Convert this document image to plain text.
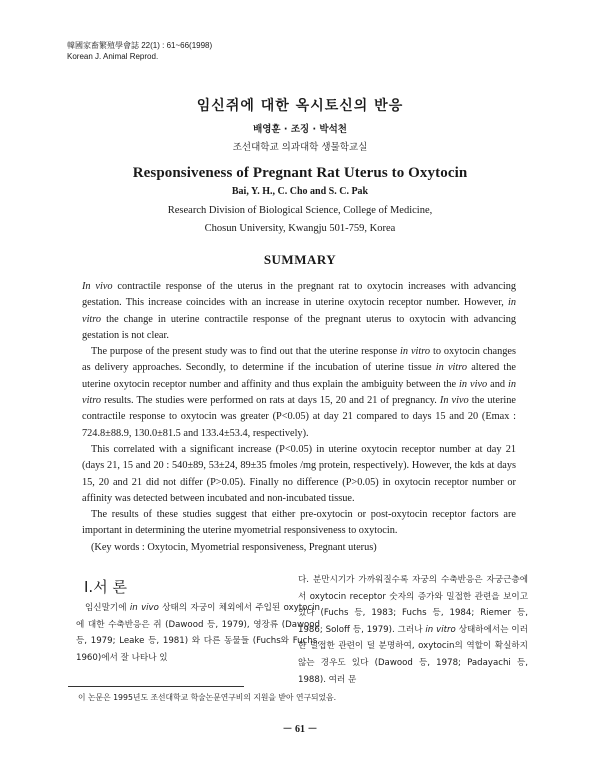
韓國家畜繁殖學會誌 22(1) : 61~66(1998)
Korean J. Animal Reprod.
임신쥐에 대한 옥시토신의 반응
배영훈 · 조징 · 박석천
조선대학교 의과대학 생물학교실
Responsiveness of Pregnant Rat Uterus to Oxytocin
Bai, Y. H., C. Cho and S. C. Pak
Research Division of Biological Science, College of Medicine,
Chosun University, Kwangju 501-759, Korea
SUMMARY

In vivo contractile response of the uterus in the pregnant rat to oxytocin increases with advancing gestation. This increase coincides with an increase in uterine oxytocin receptor number. However, in vitro the change in uterine contractile response of the pregnant uterus to oxytocin with advancing gestation is not clear.

The purpose of the present study was to find out that the uterine response in vitro to oxytocin changes as delivery approaches. Secondly, to determine if the incubation of uterine tissue in vitro altered the uterine oxytocin receptor number and affinity and thus explain the ambiguity between the in vivo and in vitro results. The studies were performed on rats at days 15, 20 and 21 of pregnancy. In vivo the uterine contractile response to oxytocin was greater (P<0.05) at day 21 compared to days 15 and 20 (Emax : 724.8±88.9, 130.0±81.5 and 133.4±53.4, respectively).

This correlated with a significant increase (P<0.05) in uterine oxytocin receptor number at day 21 (days 21, 15 and 20 : 540±89, 53±24, 89±35 fmoles /mg protein, respectively). However, the kds at days 15, 20 and 21 did not differ (P>0.05). Finally no difference (P>0.05) in oxytocin receptor number or affinity was detected between incubated and non-incubated tissue.

The results of these studies suggest that either pre-oxytocin or post-oxytocin receptor factors are important in determining the uterine myometrial responsiveness to oxytocin.

(Key words : Oxytocin, Myometrial responsiveness, Pregnant uterus)

Ⅰ.서 론

임신말기에 in vivo 상태의 자궁이 체외에서 주입된 oxytocin에 대한 수축반응은 쥐 (Dawood 등, 1979), 영장류 (Dawood 등, 1979; Leake 등, 1981) 와 다른 동물들 (Fuchs와 Fuchs, 1960)에서 잘 나타나 있

다. 분만시기가 가까워질수록 자궁의 수축반응은 자궁근층에서 oxytocin receptor 숫자의 증가와 밀접한 관련을 보이고 있다 (Fuchs 등, 1983; Fuchs 등, 1984; Riemer 등, 1986; Soloff 등, 1979). 그러나 in vitro 상태하에서는 이러한 밀접한 관련이 덜 분명하여, oxytocin의 역할이 확실하지 않는 경우도 있다 (Dawood 등, 1978; Padayachi 등, 1988). 여러 문

이 논문은 1995년도 조선대학교 학술논문연구비의 지원을 받아 연구되었음.
－ 61 －
